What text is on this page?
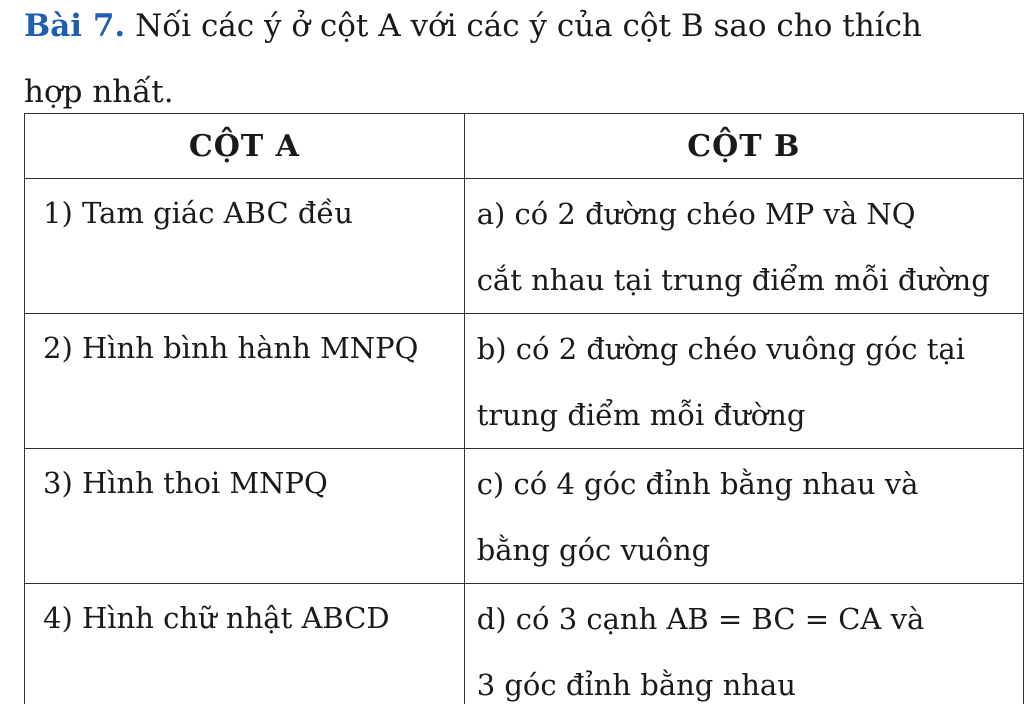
Bài 7. Nối các ý ở cột A với các ý của cột B sao cho thích
hợp nhất.
CỘT A	CỘT B

1) Tam giác ABC đều	a) có 2 đường chéo MP và NQ
cắt nhau tại trung điểm mỗi đường

2) Hình bình hành MNPQ	b) có 2 đường chéo vuông góc tại
trung điểm mỗi đường

3) Hình thoi MNPQ	c) có 4 góc đỉnh bằng nhau và
bằng góc vuông

4) Hình chữ nhật ABCD	d) có 3 cạnh AB = BC = CA và
3 góc đỉnh bằng nhau
